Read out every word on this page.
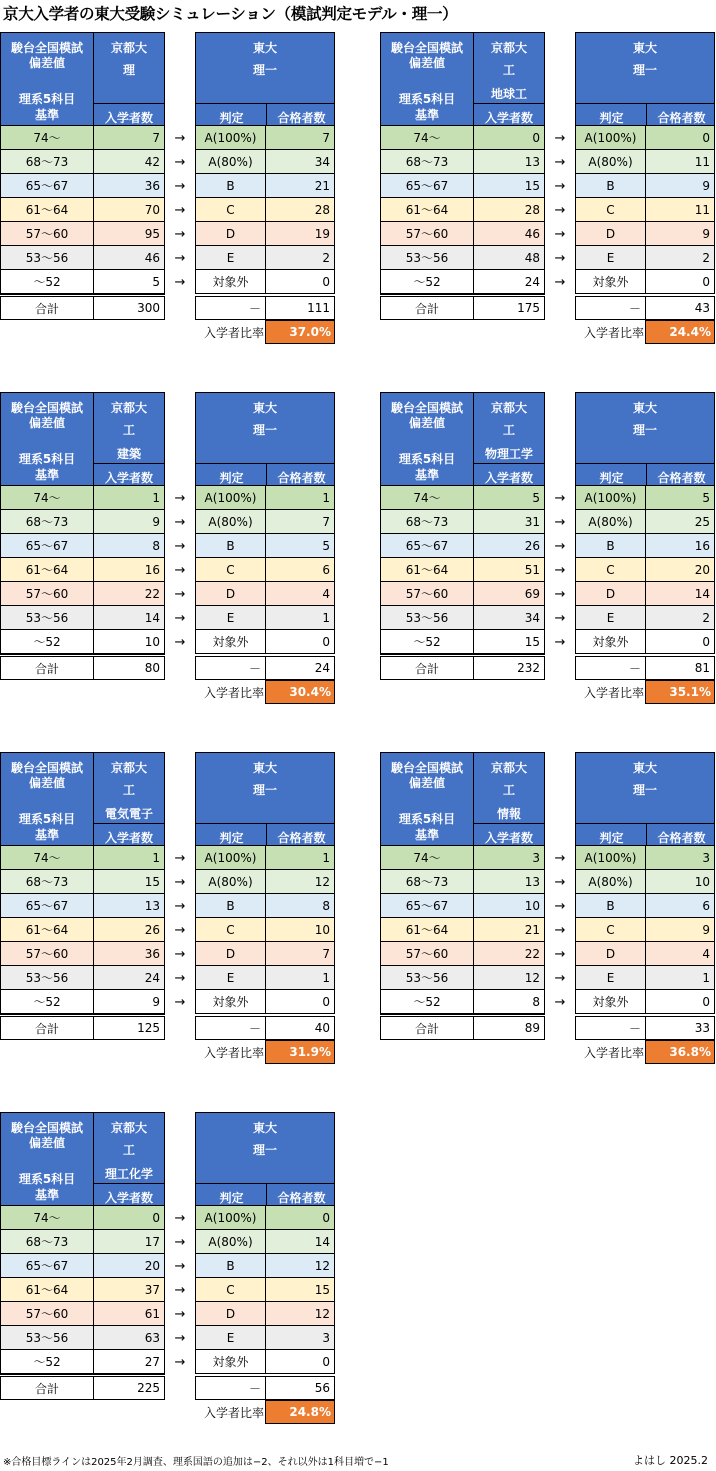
京大入学者の東大受験シミュレーション（模試判定モデル・理一）
駿台全国模試
偏差値
理系5科目
基準
京都大
理
入学者数
東大
理一
判定	合格者数
74～	7	→	A(100%)	7
68～73	42	→	A(80%)	34
65～67	36	→	B	21
61～64	70	→	C	28
57～60	95	→	D	19
53～56	46	→	E	2
～52	5	→	対象外	0
合計	300	－	111
入学者比率	37.0%
駿台全国模試
偏差値
理系5科目
基準
京都大
工
地球工
入学者数
東大
理一
判定	合格者数
74～	0	→	A(100%)	0
68～73	13	→	A(80%)	11
65～67	15	→	B	9
61～64	28	→	C	11
57～60	46	→	D	9
53～56	48	→	E	2
～52	24	→	対象外	0
合計	175	－	43
入学者比率	24.4%
駿台全国模試
偏差値
理系5科目
基準
京都大
工
建築
入学者数
東大
理一
判定	合格者数
74～	1	→	A(100%)	1
68～73	9	→	A(80%)	7
65～67	8	→	B	5
61～64	16	→	C	6
57～60	22	→	D	4
53～56	14	→	E	1
～52	10	→	対象外	0
合計	80	－	24
入学者比率	30.4%
駿台全国模試
偏差値
理系5科目
基準
京都大
工
物理工学
入学者数
東大
理一
判定	合格者数
74～	5	→	A(100%)	5
68～73	31	→	A(80%)	25
65～67	26	→	B	16
61～64	51	→	C	20
57～60	69	→	D	14
53～56	34	→	E	2
～52	15	→	対象外	0
合計	232	－	81
入学者比率	35.1%
駿台全国模試
偏差値
理系5科目
基準
京都大
工
電気電子
入学者数
東大
理一
判定	合格者数
74～	1	→	A(100%)	1
68～73	15	→	A(80%)	12
65～67	13	→	B	8
61～64	26	→	C	10
57～60	36	→	D	7
53～56	24	→	E	1
～52	9	→	対象外	0
合計	125	－	40
入学者比率	31.9%
駿台全国模試
偏差値
理系5科目
基準
京都大
工
情報
入学者数
東大
理一
判定	合格者数
74～	3	→	A(100%)	3
68～73	13	→	A(80%)	10
65～67	10	→	B	6
61～64	21	→	C	9
57～60	22	→	D	4
53～56	12	→	E	1
～52	8	→	対象外	0
合計	89	－	33
入学者比率	36.8%
駿台全国模試
偏差値
理系5科目
基準
京都大
工
理工化学
入学者数
東大
理一
判定	合格者数
74～	0	→	A(100%)	0
68～73	17	→	A(80%)	14
65～67	20	→	B	12
61～64	37	→	C	15
57～60	61	→	D	12
53～56	63	→	E	3
～52	27	→	対象外	0
合計	225	－	56
入学者比率	24.8%
※合格目標ラインは2025年2月調査、理系国語の追加は−2、それ以外は1科目増で−1	よはし 2025.2
